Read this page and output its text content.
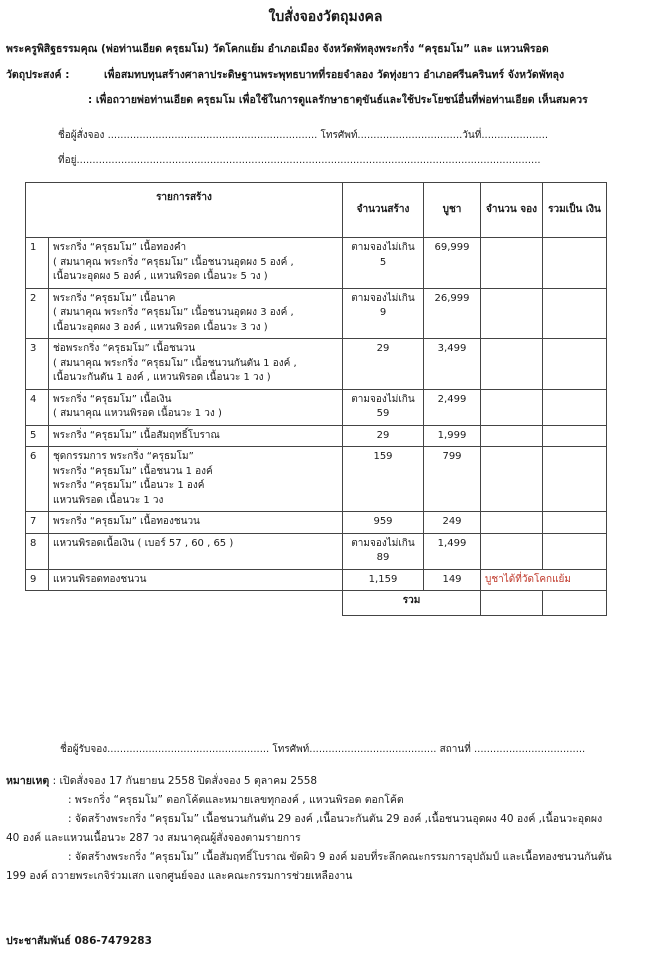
ใบสั่งจองวัตถุมงคล
พระครูพิสิฐธรรมคุณ (พ่อท่านเอียด ครุธมโม) วัดโคกแย้ม อำเภอเมือง จังหวัดพัทลุงพระกริ่ง “ครุธมโม” และ แหวนพิรอด
วัตถุประสงค์ :	เพื่อสมทบทุนสร้างศาลาประดิษฐานพระพุทธบาทที่รอยจำลอง วัดทุ่งยาว อำเภอศรีนครินทร์ จังหวัดพัทลุง
: เพื่อถวายพ่อท่านเอียด ครุธมโม เพื่อใช้ในการดูแลรักษาธาตุขันธ์และใช้ประโยชน์อื่นที่พ่อท่านเอียด เห็นสมควร
ชื่อผู้สั่งจอง .................................................................. โทรศัพท์.................................วันที่.....................
ที่อยู่..................................................................................................................................................
รายการสร้าง		จำนวนสร้าง	บูชา	จำนวน จอง	รวมเป็น เงิน
1	พระกริ่ง “ครุธมโม” เนื้อทองคำ
( สมนาคุณ พระกริ่ง “ครุธมโม” เนื้อชนวนอุดผง 5 องค์ ,
เนื้อนวะอุดผง 5 องค์ , แหวนพิรอด เนื้อนวะ 5 วง )	ตามจองไม่เกิน 5	69,999		
2	พระกริ่ง “ครุธมโม” เนื้อนาค
( สมนาคุณ พระกริ่ง “ครุธมโม” เนื้อชนวนอุดผง 3 องค์ ,
เนื้อนวะอุดผง 3 องค์ , แหวนพิรอด เนื้อนวะ 3 วง )	ตามจองไม่เกิน 9	26,999		
3	ช่อพระกริ่ง “ครุธมโม” เนื้อชนวน
( สมนาคุณ พระกริ่ง “ครุธมโม” เนื้อชนวนกันตัน 1 องค์ ,
เนื้อนวะกันตัน 1 องค์ , แหวนพิรอด เนื้อนวะ 1 วง )	29	3,499		
4	พระกริ่ง “ครุธมโม” เนื้อเงิน
( สมนาคุณ แหวนพิรอด เนื้อนวะ 1 วง )	ตามจองไม่เกิน 59	2,499		
5	พระกริ่ง “ครุธมโม” เนื้อสัมฤทธิ์โบราณ	29	1,999		
6	ชุดกรรมการ พระกริ่ง “ครุธมโม”
พระกริ่ง “ครุธมโม” เนื้อชนวน 1 องค์
พระกริ่ง “ครุธมโม” เนื้อนวะ 1 องค์
แหวนพิรอด เนื้อนวะ 1 วง	159	799		
7	พระกริ่ง “ครุธมโม” เนื้อทองชนวน	959	249		
8	แหวนพิรอดเนื้อเงิน ( เบอร์ 57 , 60 , 65 )	ตามจองไม่เกิน 89	1,499		
9	แหวนพิรอดทองชนวน	1,159	149	บูชาได้ที่วัดโคกแย้ม	
		รวม			
ชื่อผู้รับจอง................................................... โทรศัพท์........................................ สถานที่ ...................................
หมายเหตุ : เปิดสั่งจอง 17 กันยายน 2558 ปิดสั่งจอง 5 ตุลาคม 2558
: พระกริ่ง “ครุธมโม” ตอกโค้ตและหมายเลขทุกองค์ , แหวนพิรอด ตอกโค้ต
: จัดสร้างพระกริ่ง “ครุธมโม” เนื้อชนวนกันตัน 29 องค์ ,เนื้อนวะกันตัน 29 องค์ ,เนื้อชนวนอุดผง 40 องค์ ,เนื้อนวะอุดผง
40 องค์ และแหวนเนื้อนวะ 287 วง สมนาคุณผู้สั่งจองตามรายการ
: จัดสร้างพระกริ่ง “ครุธมโม” เนื้อสัมฤทธิ์โบราณ ขัดผิว 9 องค์ มอบที่ระลึกคณะกรรมการอุปถัมป์ และเนื้อทองชนวนกันตัน
199 องค์ ถวายพระเกจิร่วมเสก แจกศูนย์จอง และคณะกรรมการช่วยเหลืองาน
ประชาสัมพันธ์ 086-7479283
